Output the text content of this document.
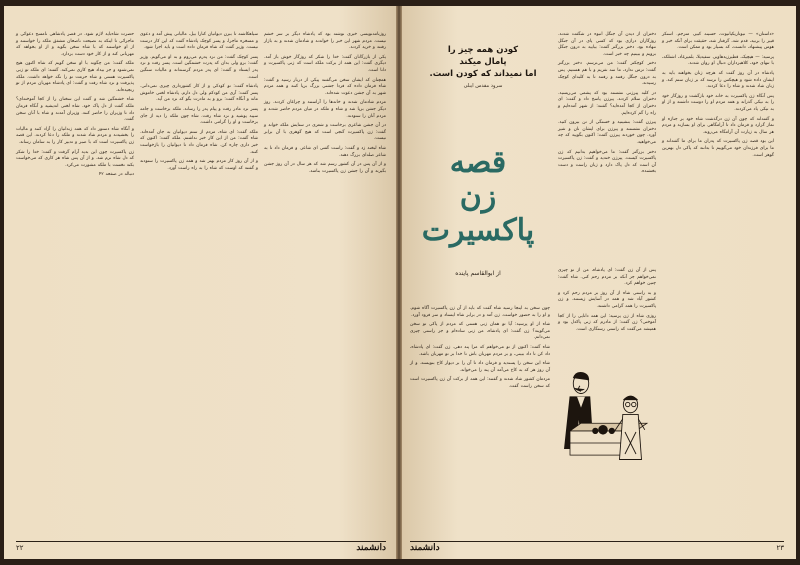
حضرت شاه‌باید لازم شود. در قصر پادشاهی نامسح دعوائی و ماجرائی تا اینکه به نصیحت ناصحان مشفق ملکه را خواستند و از او خواستند که با شاه سخن بگوید و از او بخواهد که مهربانی کند و از کار خود دست بردارد.

ملکه گفت: من چگونه با او سخن گویم که شاه اکنون هیچ نمی‌شنود و جز بیداد هیچ کاری نمی‌کند. گفتند: ای ملکه تو زنی پاکسیرت هستی و شاه حرمت تو را نگه خواهد داشت. ملکه پذیرفت و نزد شاه رفت و گفت: ای پادشاه مهربان مردم از تو رنجیده‌اند.

شاه خشمگین شد و گفت این سخنان را از کجا آموخته‌ای؟ ملکه گفت از دل پاک خود. شاه لختی اندیشید و آنگاه فرمان داد تا وزیران را حاضر کنند. وزیران آمدند و شاه با آنان سخن گفت.

و آنگاه شاه دستور داد که همه زندانیان را آزاد کنند و مالیات را بخشیدند و مردم شاد شدند و ملکه را دعا کردند. این قصه زن پاکسیرت است که با صبر و تدبیر کار را به سامان رساند.

زن پاکسیرت چون این بدید آرام گرفت و گفت: خدا را شکر که دل شاه نرم شد. و از آن پس شاه هر کاری که می‌خواست بکند نخست با ملکه مشورت می‌کرد.

دنباله در صفحه ۴۲

سیاهکاشته تا ببرن دیوانیان کنارا بیل، مالیاتی پیش آمد و دعوی و مسخره ماجرا، و پسر کوچک پادشاه گفت که این کار درست نیست. وزیر گفت که شاه فرمان داده است و باید اجرا شود.

پسر کوچک گفت: من نزد پدرم می‌روم و به او می‌گویم. وزیر گفت: برو ولی بدان که پدرت خشمگین است. پسر رفت و نزد پدر ایستاد و گفت: ای پدر مردم گرسنه‌اند و مالیات سنگین است.

پادشاه گفت: تو کودکی و از کار کشورداری چیزی نمی‌دانی. پسر گفت: آری من کودکم ولی دل دارم. پادشاه لختی خاموش ماند و آنگاه گفت: برو و به مادرت بگو که نزد من آید.

پسر نزد مادر رفت و پیام پدر را رساند. ملکه برخاست و جامه سپید پوشید و نزد شاه رفت. شاه چون ملکه را دید از جای برخاست و او را گرامی داشت.

ملکه گفت: ای شاه، مردم از ستم دیوانیان به جان آمده‌اند. شاه گفت: من از این کار خبر نداشتم. ملکه گفت: اکنون که خبر داری چاره کن. شاه فرمان داد تا دیوانیان را بازخواست کنند.

و از آن روز کار مردم بهتر شد و همه زن پاکسیرت را ستودند و گفتند که اوست که شاه را به راه راست آورد.

روزنامه‌نویسی خبری نوشته بود که پادشاه دیگر بر سر خشم نیست. مردم شهر این خبر را خواندند و شادمان شدند و به بازار رفتند و خرید کردند.

یکی از بازرگانان گفت: خدا را شکر که روزگار خوش باز آمد. دیگری گفت: این همه از برکت ملکه است که زنی پاکسیرت و دانا است.

همچنان که ایشان سخن می‌گفتند پیکی از دربار رسید و گفت: شاه فرمان داده که فردا جشنی بزرگ برپا کنند و همه مردم شهر به آن جشن دعوت شده‌اند.

مردم شادمان شدند و خانه‌ها را آراستند و چراغان کردند. روز دیگر جشن برپا شد و شاه و ملکه در میان مردم حاضر شدند و مردم آنان را ستودند.

در آن جشن شاعری برخاست و شعری در ستایش ملکه خواند و گفت: زن پاکسیرت گنجی است که هیچ گوهری با آن برابر نیست.

شاه لبخند زد و گفت: راست گفتی ای شاعر. و فرمان داد تا به شاعر صله‌ای بزرگ دهند.

و از آن پس در آن کشور رسم شد که هر سال در آن روز جشن بگیرند و آن را جشن زن پاکسیرت بنامند.

۲۲	دانشمند
کودن همه چیز را
پامال میکند
اما نمیداند که کودن است.
سرود مقدس ایبلی
قصه
زن
پاکسیرت
از ابوالقاسم پاینده

دختران از دیدن آن جنگل انبوه در شگفت شدند. روزگاران درازی بود که کسی پای در آن جنگل ننهاده بود. دختر بزرگتر گفت: بیایید به درون جنگل برویم و ببینیم چه خبر است.

دختر کوچکتر گفت: من می‌ترسم. دختر بزرگتر گفت: ترس ندارد، ما سه نفریم و با هم هستیم. پس به درون جنگل رفتند و رفتند تا به کلبه‌ای کوچک رسیدند.

در کلبه پیرزنی نشسته بود که پشمی می‌ریسید. دختران سلام کردند. پیرزن پاسخ داد و گفت: ای دختران از کجا آمده‌اید؟ گفتند: از شهر آمده‌ایم و راه را گم کرده‌ایم.

پیرزن گفت: بنشینید و خستگی از تن بیرون کنید. دختران نشستند و پیرزن برای ایشان نان و شیر آورد. چون خوردند پیرزن گفت: اکنون بگویید که چه می‌خواهید.

دختر بزرگتر گفت: ما می‌خواهیم بدانیم که زن پاکسیرت کیست. پیرزن خندید و گفت: زن پاکسیرت آن است که دل پاک دارد و زبان راست و دست بخشنده.

«داستان» — نیوتاریکیانیوت، حسینه کبیر، مترجم. اسنکر قبیر را برنید، قدم شد، گرفتار شد، حقیقت برای آنکه خبر و هوس پیشنهاد، دانست، که بسیار بود و ممکن است.

پرسید: — هیچیک، قطیرزیدهاویر، سفیدیلا، بلمیرغاد، اشتلکه، با تنهای خود، کلاهبرداران دنبال او روان شدند.

پادشاه در آن روز گفت که هرچه زنان بخواهند باید به ایشان داده شود و هیچکس را نرسد که بر زنان ستم کند. و زنان شاد شدند و شاه را دعا کردند.

پس آنگاه زن پاکسیرت به خانه خود بازگشت و روزگار خود را به نیکی گذراند و همه مردم او را دوست داشتند و از او به نیکی یاد می‌کردند.

و گفته‌اند که چون آن زن درگذشت شاه خود بر جنازه او نماز گزارد و فرمان داد تا آرامگاهی برای او بسازند و مردم هر سال به زیارت آن آرامگاه می‌روند.

این بود قصه زن پاکسیرت که پدران ما برای ما گفته‌اند و ما برای فرزندان خود می‌گوییم تا بدانند که پاکی دل بهترین گوهر است.

پس از آن زن گفت: ای پادشاه، من از تو چیزی نمی‌خواهم جز آنکه بر مردم رحم کنی. شاه گفت: چنین خواهم کرد.

و به راستی شاه از آن روز بر مردم رحم کرد و کشور آباد شد و همه در آسایش زیستند. و زن پاکسیرت را همه گرامی داشتند.

روزی شاه از زن پرسید: این همه دانایی را از کجا آموختی؟ زن گفت: از مادرم که زنی پاکدل بود و همیشه می‌گفت که راستی رستگاری است.

چون سخن به اینجا رسید شاه گفت که باید از آن زن پاکسیرت آگاه شوم. و او را به حضور خواست. زن آمد و در برابر شاه ایستاد و سر فرود آورد.

شاه از او پرسید: آیا تو همان زنی هستی که مردم از پاکی تو سخن می‌گویند؟ زن گفت: ای پادشاه، من زنی ساده‌ام و جز راستی چیزی نمی‌دانم.

شاه گفت: اکنون از تو می‌خواهم که مرا پند دهی. زن گفت: ای پادشاه، داد کن تا داد ببینی، و بر مردم مهربان باش تا خدا بر تو مهربان باشد.

شاه این سخن را پسندید و فرمان داد تا آن را بر دیوار کاخ بنویسند. و از آن روز هر که به کاخ می‌آمد آن پند را می‌خواند.

مردمان کشور شاد شدند و گفتند: این همه از برکت آن زن پاکسیرت است که سخن راست گفت.

دانشمند	۲۳
